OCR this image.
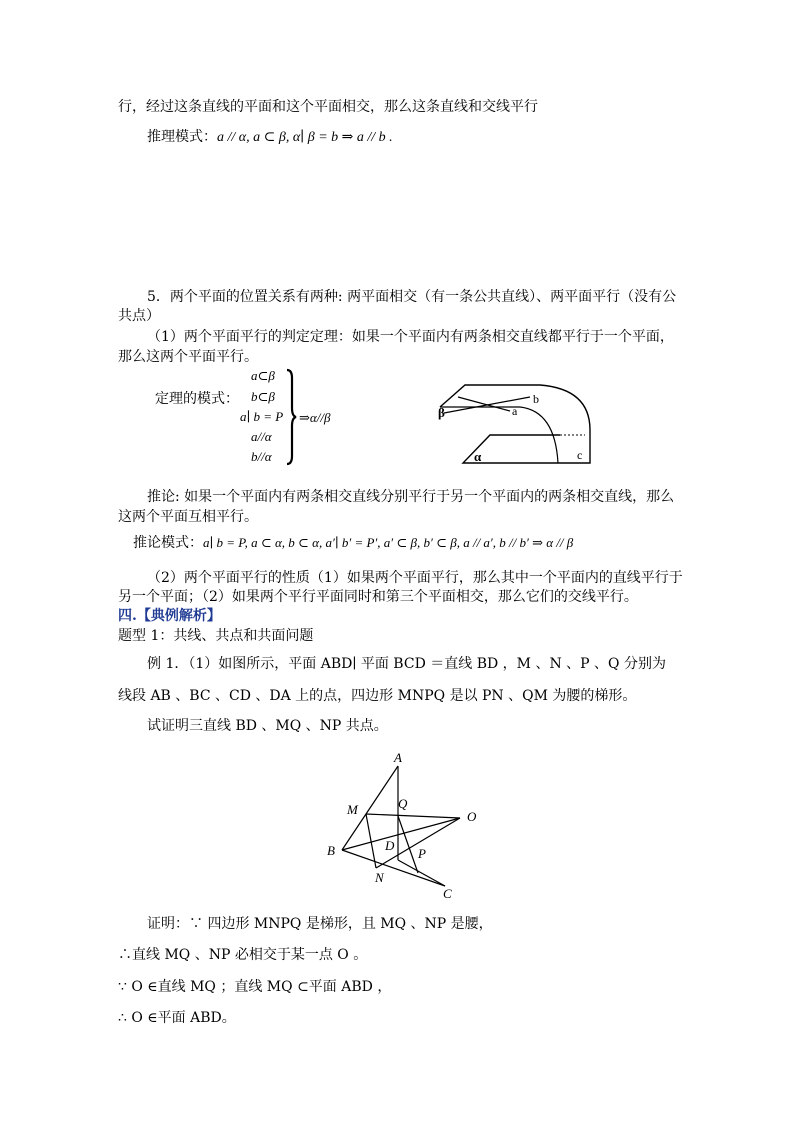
行，经过这条直线的平面和这个平面相交，那么这条直线和交线平行
推理模式：a // α, a ⊂ β, α∣ β = b ⇒ a // b .
5．两个平面的位置关系有两种: 两平面相交（有一条公共直线）、两平面平行（没有公
共点）
（1）两个平面平行的判定定理：如果一个平面内有两条相交直线都平行于一个平面，
那么这两个平面平行。
定理的模式：
a⊂β
b⊂β
a∣ b = P
a//α
b//α
⇒α//β
b
a
β
α	c
推论: 如果一个平面内有两条相交直线分别平行于另一个平面内的两条相交直线，那么
这两个平面互相平行。
推论模式：a∣ b = P, a ⊂ α, b ⊂ α, a′∣ b′ = P′, a′ ⊂ β, b′ ⊂ β, a // a′, b // b′ ⇒ α // β
（2）两个平面平行的性质（1）如果两个平面平行，那么其中一个平面内的直线平行于
另一个平面；（2）如果两个平行平面同时和第三个平面相交，那么它们的交线平行。
四.【典例解析】
题型 1：共线、共点和共面问题
例 1．（1）如图所示，平面 ABD∣ 平面 BCD ＝直线 BD ，M 、N 、P 、Q 分别为
线段 AB 、BC 、CD 、DA 上的点，四边形 MNPQ 是以 PN 、QM 为腰的梯形。
试证明三直线 BD 、MQ 、NP 共点。
A
M	Q
O
B	D
P
N
C
证明：∵ 四边形 MNPQ 是梯形，且 MQ 、NP 是腰，
∴直线 MQ 、NP 必相交于某一点 O 。
∵ O ∈直线 MQ ；直线 MQ ⊂平面 ABD ，
∴ O ∈平面 ABD。
